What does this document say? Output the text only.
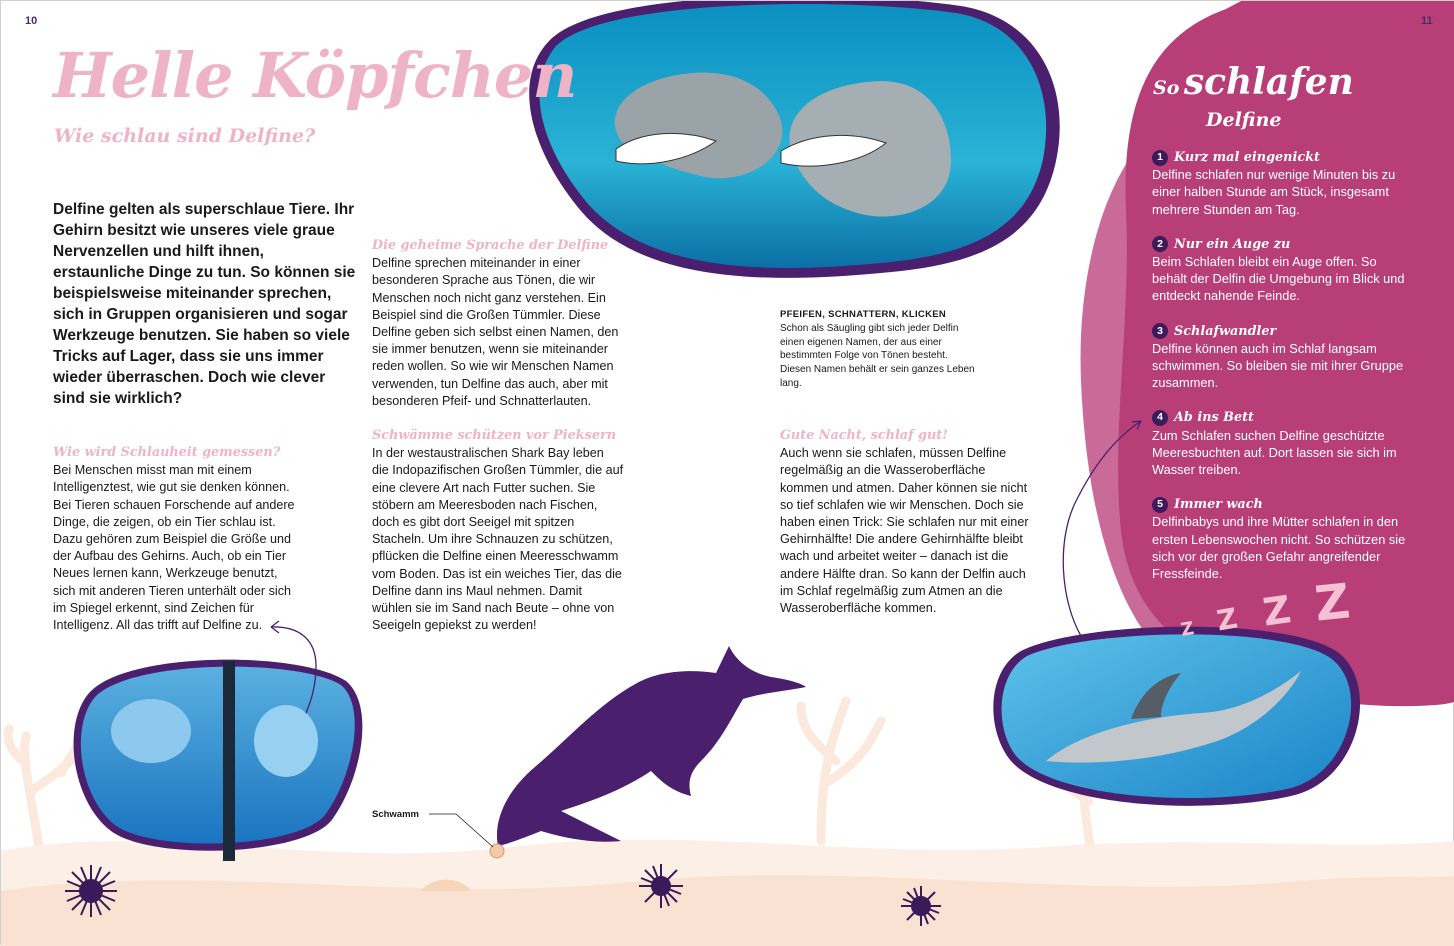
10	11
Helle Köpfchen
Wie schlau sind Delfine?

Delfine gelten als superschlaue Tiere. Ihr Gehirn besitzt wie unseres viele graue Nervenzellen und hilft ihnen, erstaunliche Dinge zu tun. So können sie beispielsweise miteinander sprechen, sich in Gruppen organisieren und sogar Werkzeuge benutzen. Sie haben so viele Tricks auf Lager, dass sie uns immer wieder überraschen. Doch wie clever sind sie wirklich?

Wie wird Schlauheit gemessen?

Bei Menschen misst man mit einem Intelligenztest, wie gut sie denken können. Bei Tieren schauen Forschende auf andere Dinge, die zeigen, ob ein Tier schlau ist. Dazu gehören zum Beispiel die Größe und der Aufbau des Gehirns. Auch, ob ein Tier Neues lernen kann, Werkzeuge benutzt, sich mit anderen Tieren unterhält oder sich im Spiegel erkennt, sind Zeichen für Intelligenz. All das trifft auf Delfine zu.

Die geheime Sprache der Delfine

Delfine sprechen miteinander in einer besonderen Sprache aus Tönen, die wir Menschen noch nicht ganz verstehen. Ein Beispiel sind die Großen Tümmler. Diese Delfine geben sich selbst einen Namen, den sie immer benutzen, wenn sie miteinander reden wollen. So wie wir Menschen Namen verwenden, tun Delfine das auch, aber mit besonderen Pfeif- und Schnatterlauten.

Schwämme schützen vor Pieksern

In der westaustralischen Shark Bay leben die Indopazifischen Großen Tümmler, die auf eine clevere Art nach Futter suchen. Sie stöbern am Meeresboden nach Fischen, doch es gibt dort Seeigel mit spitzen Stacheln. Um ihre Schnauzen zu schützen, pflücken die Delfine einen Meeresschwamm vom Boden. Das ist ein weiches Tier, das die Delfine dann ins Maul nehmen. Damit wühlen sie im Sand nach Beute – ohne von Seeigeln gepiekst zu werden!

PFEIFEN, SCHNATTERN, KLICKEN
Schon als Säugling gibt sich jeder Delfin einen eigenen Namen, der aus einer bestimmten Folge von Tönen besteht. Diesen Namen behält er sein ganzes Leben lang.
Gute Nacht, schlaf gut!

Auch wenn sie schlafen, müssen Delfine regelmäßig an die Wasseroberfläche kommen und atmen. Daher können sie nicht so tief schlafen wie wir Menschen. Doch sie haben einen Trick: Sie schlafen nur mit einer Gehirnhälfte! Die andere Gehirnhälfte bleibt wach und arbeitet weiter – danach ist die andere Hälfte dran. So kann der Delfin auch im Schlaf regelmäßig zum Atmen an die Wasseroberfläche kommen.

So schlafen
Delfine
1 Kurz mal eingenickt

Delfine schlafen nur wenige Minuten bis zu einer halben Stunde am Stück, insgesamt mehrere Stunden am Tag.

2 Nur ein Auge zu

Beim Schlafen bleibt ein Auge offen. So behält der Delfin die Umgebung im Blick und entdeckt nahende Feinde.

3 Schlafwandler

Delfine können auch im Schlaf langsam schwimmen. So bleiben sie mit ihrer Gruppe zusammen.

4 Ab ins Bett

Zum Schlafen suchen Delfine geschützte Meeresbuchten auf. Dort lassen sie sich im Wasser treiben.

5 Immer wach

Delfinbabys und ihre Mütter schlafen in den ersten Lebenswochen nicht. So schützen sie sich vor der großen Gefahr angreifender Fressfeinde.

Z Z Z Z
Schwamm
